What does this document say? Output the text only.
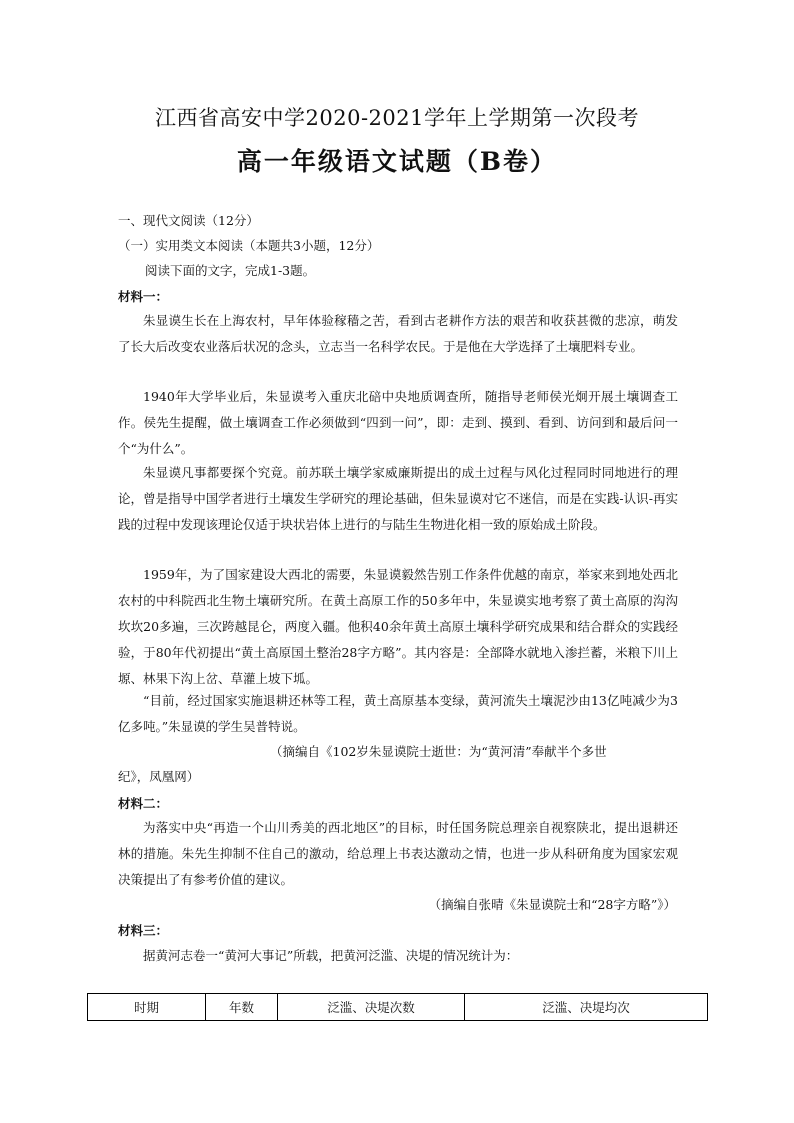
江西省高安中学2020-2021学年上学期第一次段考
高一年级语文试题（B卷）
一、现代文阅读（12分）
（一）实用类文本阅读（本题共3小题，12分）
阅读下面的文字，完成1-3题。
材料一：

朱显谟生长在上海农村，早年体验稼穑之苦，看到古老耕作方法的艰苦和收获甚微的悲凉，萌发了长大后改变农业落后状况的念头，立志当一名科学农民。于是他在大学选择了土壤肥料专业。

1940年大学毕业后，朱显谟考入重庆北碚中央地质调查所，随指导老师侯光炯开展土壤调查工作。侯先生提醒，做土壤调查工作必须做到“四到一问”，即：走到、摸到、看到、访问到和最后问一个“为什么”。

朱显谟凡事都要探个究竟。前苏联土壤学家威廉斯提出的成土过程与风化过程同时同地进行的理论，曾是指导中国学者进行土壤发生学研究的理论基础，但朱显谟对它不迷信，而是在实践-认识-再实践的过程中发现该理论仅适于块状岩体上进行的与陆生生物进化相一致的原始成土阶段。

1959年，为了国家建设大西北的需要，朱显谟毅然告别工作条件优越的南京，举家来到地处西北农村的中科院西北生物土壤研究所。在黄土高原工作的50多年中，朱显谟实地考察了黄土高原的沟沟坎坎20多遍，三次跨越昆仑，两度入疆。他积40余年黄土高原土壤科学研究成果和结合群众的实践经验，于80年代初提出“黄土高原国土整治28字方略”。其内容是：全部降水就地入渗拦蓄，米粮下川上塬、林果下沟上岔、草灌上坡下坬。

“目前，经过国家实施退耕还林等工程，黄土高原基本变绿，黄河流失土壤泥沙由13亿吨减少为3亿多吨。”朱显谟的学生吴普特说。

（摘编自《102岁朱显谟院士逝世：为“黄河清”奉献半个多世
纪》，凤凰网）
材料二：

为落实中央“再造一个山川秀美的西北地区”的目标，时任国务院总理亲自视察陕北，提出退耕还林的措施。朱先生抑制不住自己的激动，给总理上书表达激动之情，也进一步从科研角度为国家宏观决策提出了有参考价值的建议。

（摘编自张晴《朱显谟院士和“28字方略”》）
材料三：

据黄河志卷一“黄河大事记”所载，把黄河泛滥、决堤的情况统计为：

时期	年数	泛滥、决堤次数	泛滥、决堤均次
